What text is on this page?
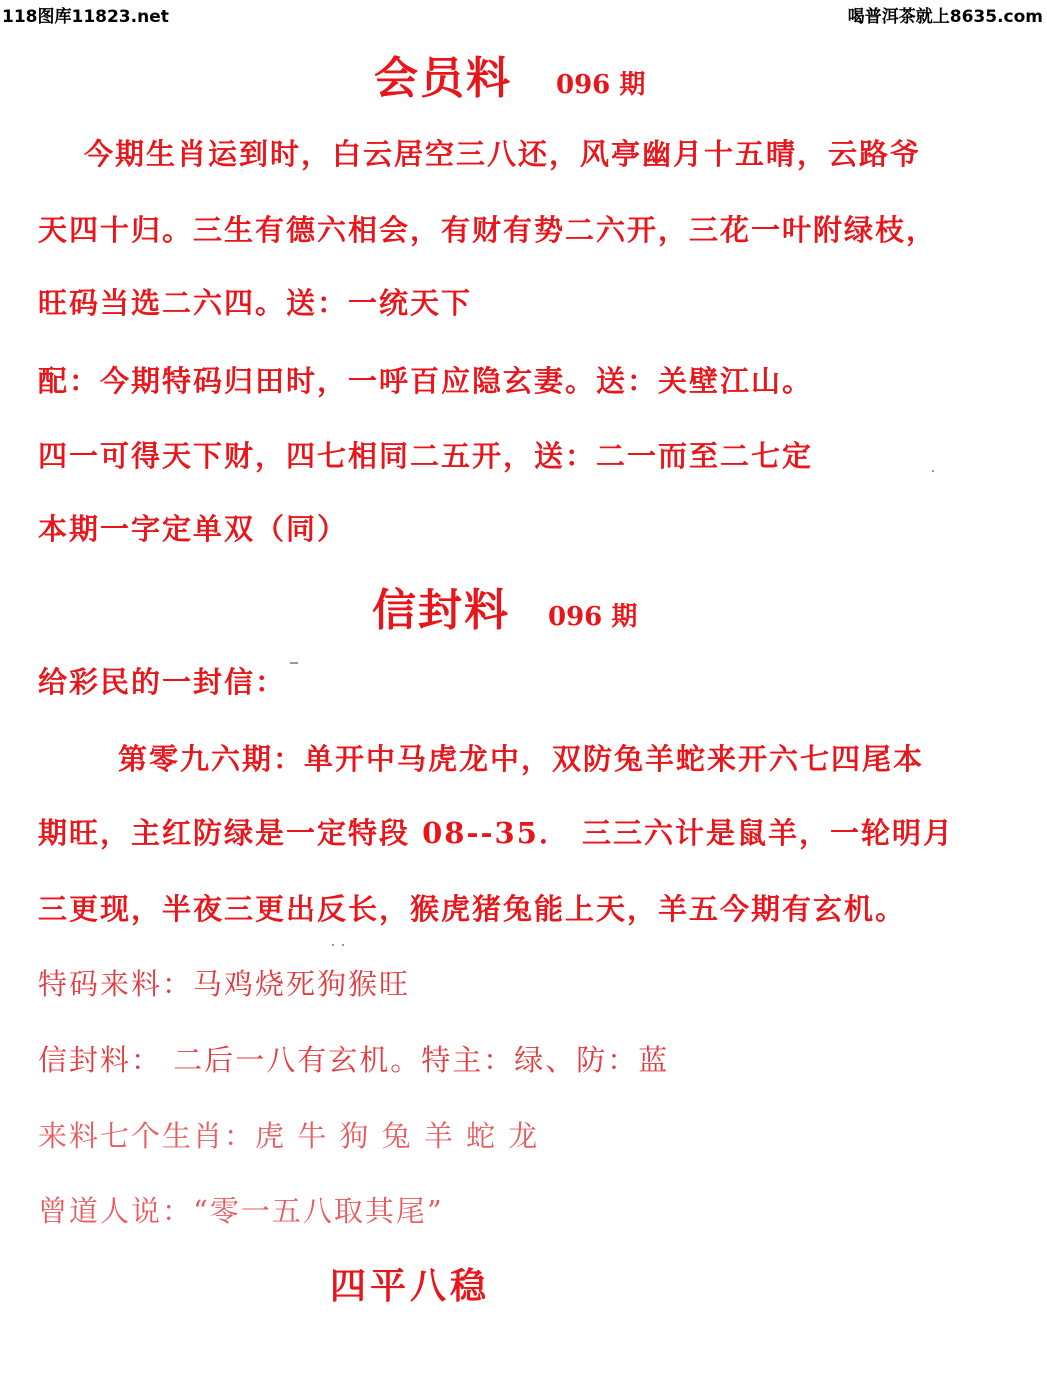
118图库11823.net	喝普洱茶就上8635.com
会员料 096 期
今期生肖运到时，白云居空三八还，风亭幽月十五晴，云路爷
天四十归。三生有德六相会，有财有势二六开，三花一叶附绿枝，
旺码当选二六四。送：一统天下
配：今期特码归田时，一呼百应隐玄妻。送：关壁江山。
四一可得天下财，四七相同二五开，送：二一而至二七定
本期一字定单双（同）
信封料 096 期
给彩民的一封信：
第零九六期：单开中马虎龙中，双防兔羊蛇来开六七四尾本
期旺，主红防绿是一定特段 08--35． 三三六计是鼠羊，一轮明月
三更现，半夜三更出反长，猴虎猪兔能上天，羊五今期有玄机。
特码来料：马鸡烧死狗猴旺
信封料： 二后一八有玄机。特主：绿、防：蓝
来料七个生肖：虎 牛 狗 兔 羊 蛇 龙
曾道人说：“零一五八取其尾”
四平八稳
